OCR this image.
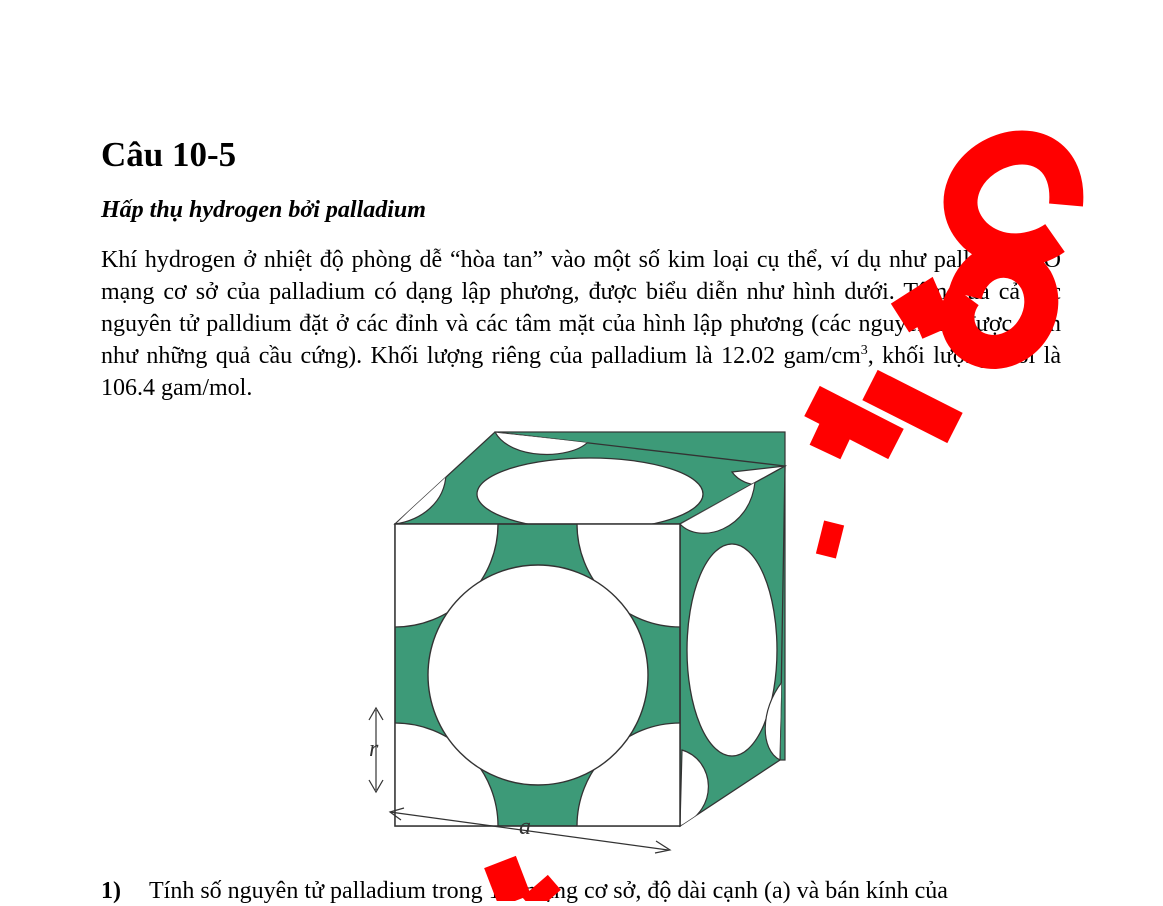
Câu 10-5
Hấp thụ hydrogen bởi palladium

Khí hydrogen ở nhiệt độ phòng dễ “hòa tan” vào một số kim loại cụ thể, ví dụ như palladium. Ô mạng cơ sở của palladium có dạng lập phương, được biểu diễn như hình dưới. Tâm của cả các nguyên tử palldium đặt ở các đỉnh và các tâm mặt của hình lập phương (các nguyên tử được xem như những quả cầu cứng). Khối lượng riêng của palladium là 12.02 gam/$cm^3$, khối lượng mol là 106.4 gam/mol.

r
a

1) Tính số nguyên tử palladium trong 1 ô mạng cơ sở, độ dài cạnh (a) và bán kính của
